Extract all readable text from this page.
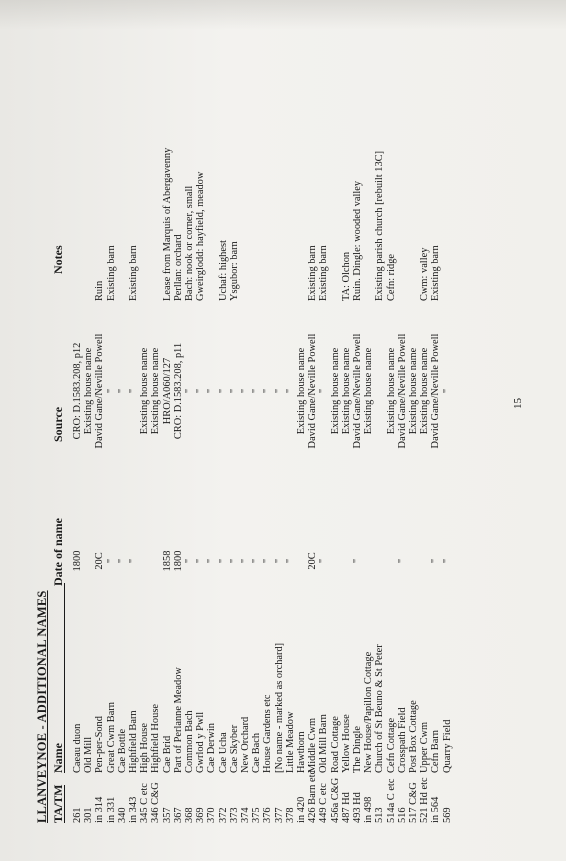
LLANVEYNOE - ADDITIONAL NAMES TA/TM
Name
Date of name
Source
Notes
261
Caeau duon
1800
CRO: D.1583.208, p12
301
Old Mill
Existing house name
in 314
Pen-per-Sond
20C
David Gane/Neville Powell
Ruin
in 331
Great Cwm Barn
"
"
Existing barn
340
Cae Bottle
"
"
in 343
Highfield Barn
"
"
Existing barn
345 C etc
High House
Existing house name
346 C&G
Highfield House
Existing house name
357
Cae Brid
1858
HRO/A060/127
Lease from Marquis of Abergavenny
367
Part of Perlanne Meadow
1800
CRO: D.1583.208, p11
Perllan: orchard
368
Common Bach
"
"
Bach: nook or corner, small
369
Gwrlod y Pwll
"
"
Gweirglodd: hayfield, meadow
370
Cae Derwin
"
"
372
Cae Ucha
"
"
Uchaf: highest
373
Cae Skyber
"
"
Ysgubor: barn
374
New Orchard
"
"
375
Cae Bach
"
"
376
House Gardens etc
"
"
377
[No name - marked as orchard]
"
"
378
Little Meadow
"
"
in 420
Hawthorn
Existing house name
426 Barn etc
Middle Cwm
20C
David Gane/Neville Powell
Existing barn
449 C etc
Old Mill Barn
"
"
Existing barn
456a C&G
Road Cottage
Existing house name
487 Hd
Yellow House
Existing house name
TA: Olchon
493 Hd
The Dingle
"
David Gane/Neville Powell
Ruin. Dingle: wooded valley
in 498
New House/Papillon Cottage
Existing house name
513
Church of St Beuno & St Peter
Existing parish church [rebuilt 13C]
514a C etc
Cefn Cottage
Existing house name
Cefn: ridge
516
Crosspath Field
"
David Gane/Neville Powell
517 C&G
Post Box Cottage
Existing house name
521 Hd etc
Upper Cwm
Existing house name
Cwm: valley
in 564
Cefn Barn
"
David Gane/Neville Powell
Existing barn
569
Quarry Field
"
"
15
